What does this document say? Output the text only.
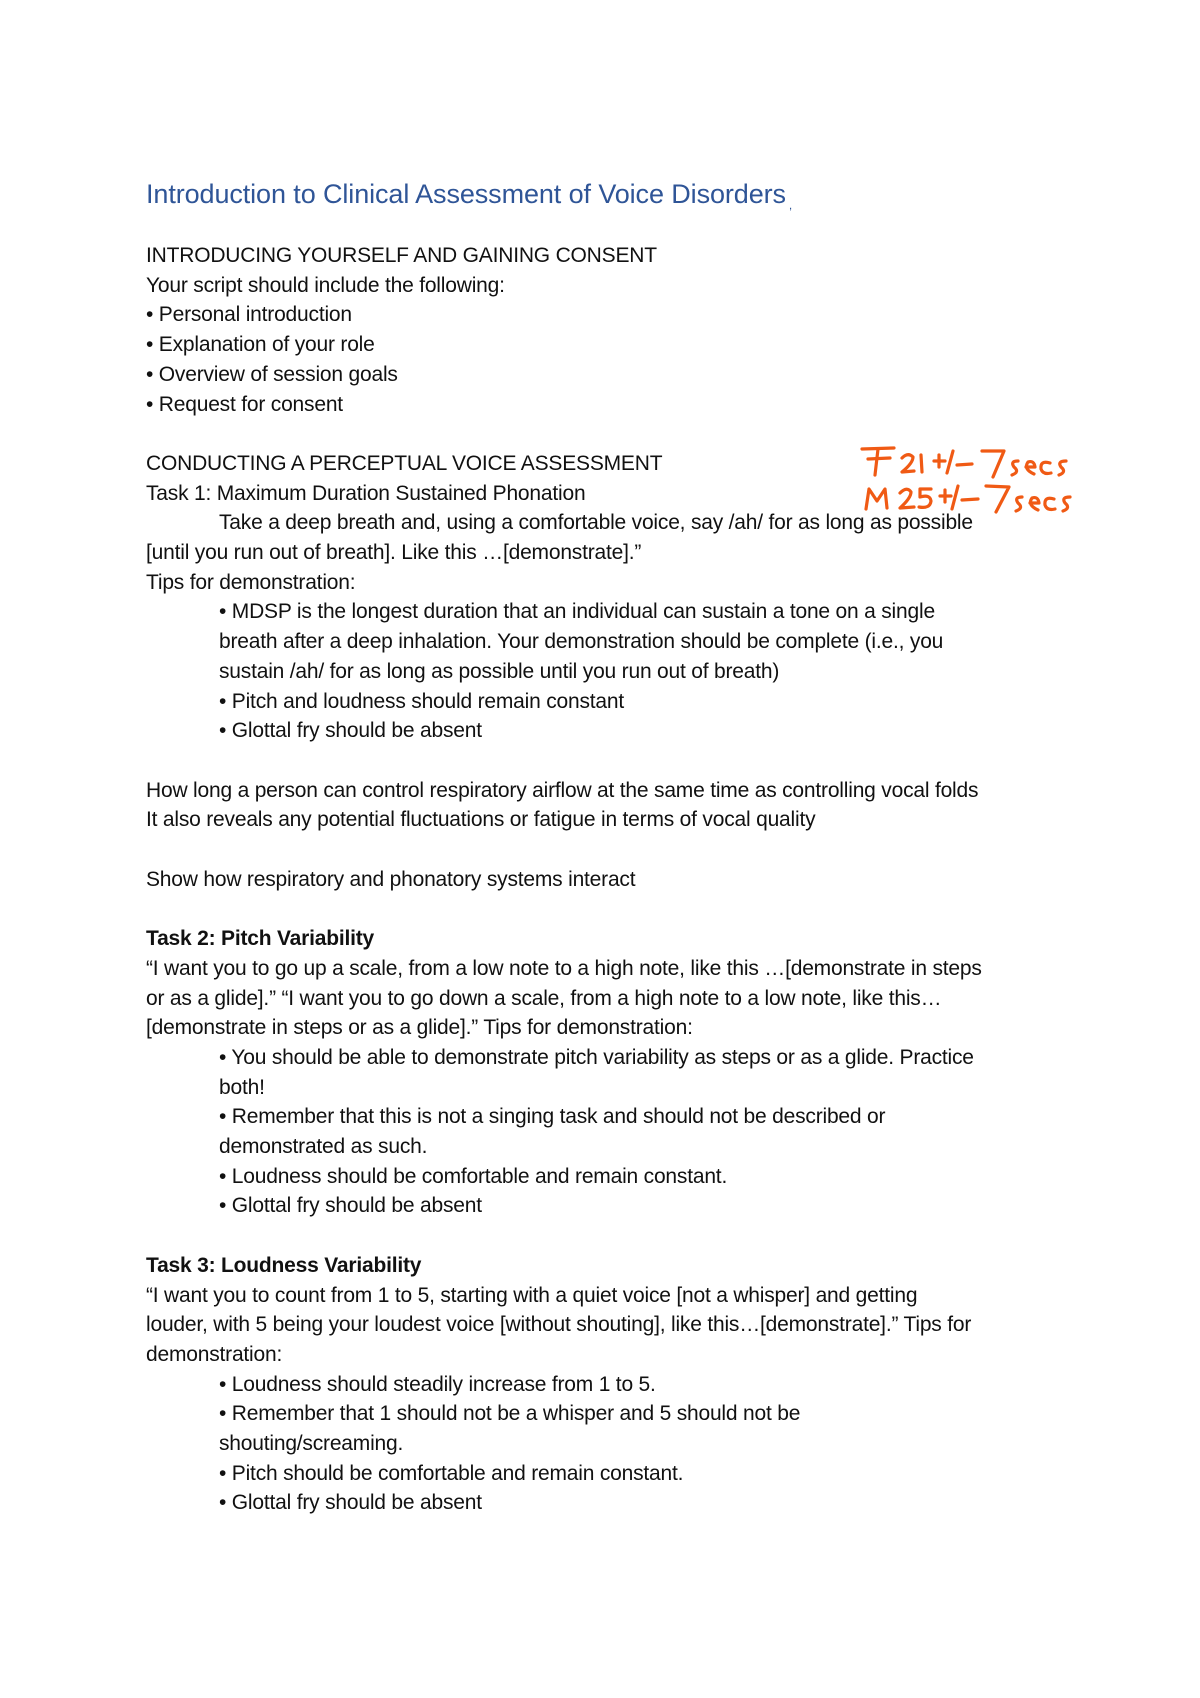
Introduction to Clinical Assessment of Voice Disorders $_,$

INTRODUCING YOURSELF AND GAINING CONSENT

Your script should include the following:

• Personal introduction
• Explanation of your role
• Overview of session goals
• Request for consent

CONDUCTING A PERCEPTUAL VOICE ASSESSMENT

Task 1: Maximum Duration Sustained Phonation

Take a deep breath and, using a comfortable voice, say /ah/ for as long as possible

[until you run out of breath]. Like this …[demonstrate].”

Tips for demonstration:

• MDSP is the longest duration that an individual can sustain a tone on a single

breath after a deep inhalation. Your demonstration should be complete (i.e., you

sustain /ah/ for as long as possible until you run out of breath)

• Pitch and loudness should remain constant

• Glottal fry should be absent

How long a person can control respiratory airflow at the same time as controlling vocal folds

It also reveals any potential fluctuations or fatigue in terms of vocal quality

Show how respiratory and phonatory systems interact

Task 2: Pitch Variability

“I want you to go up a scale, from a low note to a high note, like this …[demonstrate in steps

or as a glide].” “I want you to go down a scale, from a high note to a low note, like this…

[demonstrate in steps or as a glide].” Tips for demonstration:

• You should be able to demonstrate pitch variability as steps or as a glide. Practice

both!

• Remember that this is not a singing task and should not be described or

demonstrated as such.

• Loudness should be comfortable and remain constant.

• Glottal fry should be absent

Task 3: Loudness Variability

“I want you to count from 1 to 5, starting with a quiet voice [not a whisper] and getting

louder, with 5 being your loudest voice [without shouting], like this…[demonstrate].” Tips for

demonstration:

• Loudness should steadily increase from 1 to 5.

• Remember that 1 should not be a whisper and 5 should not be

shouting/screaming.

• Pitch should be comfortable and remain constant.

• Glottal fry should be absent
